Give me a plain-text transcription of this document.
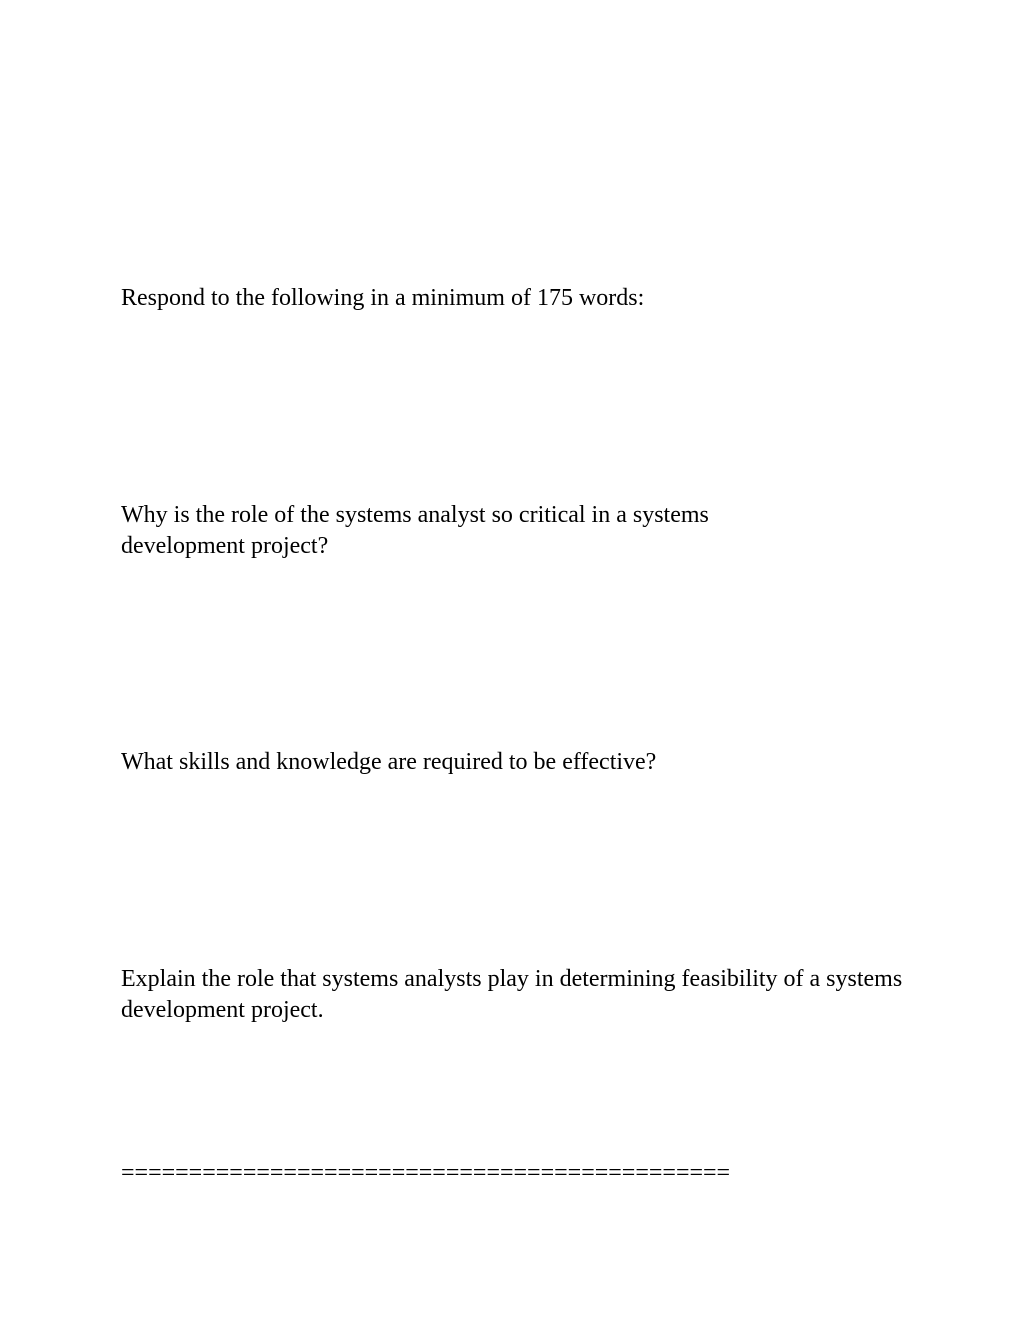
Respond to the following in a minimum of 175 words:

Why is the role of the systems analyst so critical in a systems development project?

What skills and knowledge are required to be effective?

Explain the role that systems analysts play in determining feasibility of a systems development project.

=============================================
